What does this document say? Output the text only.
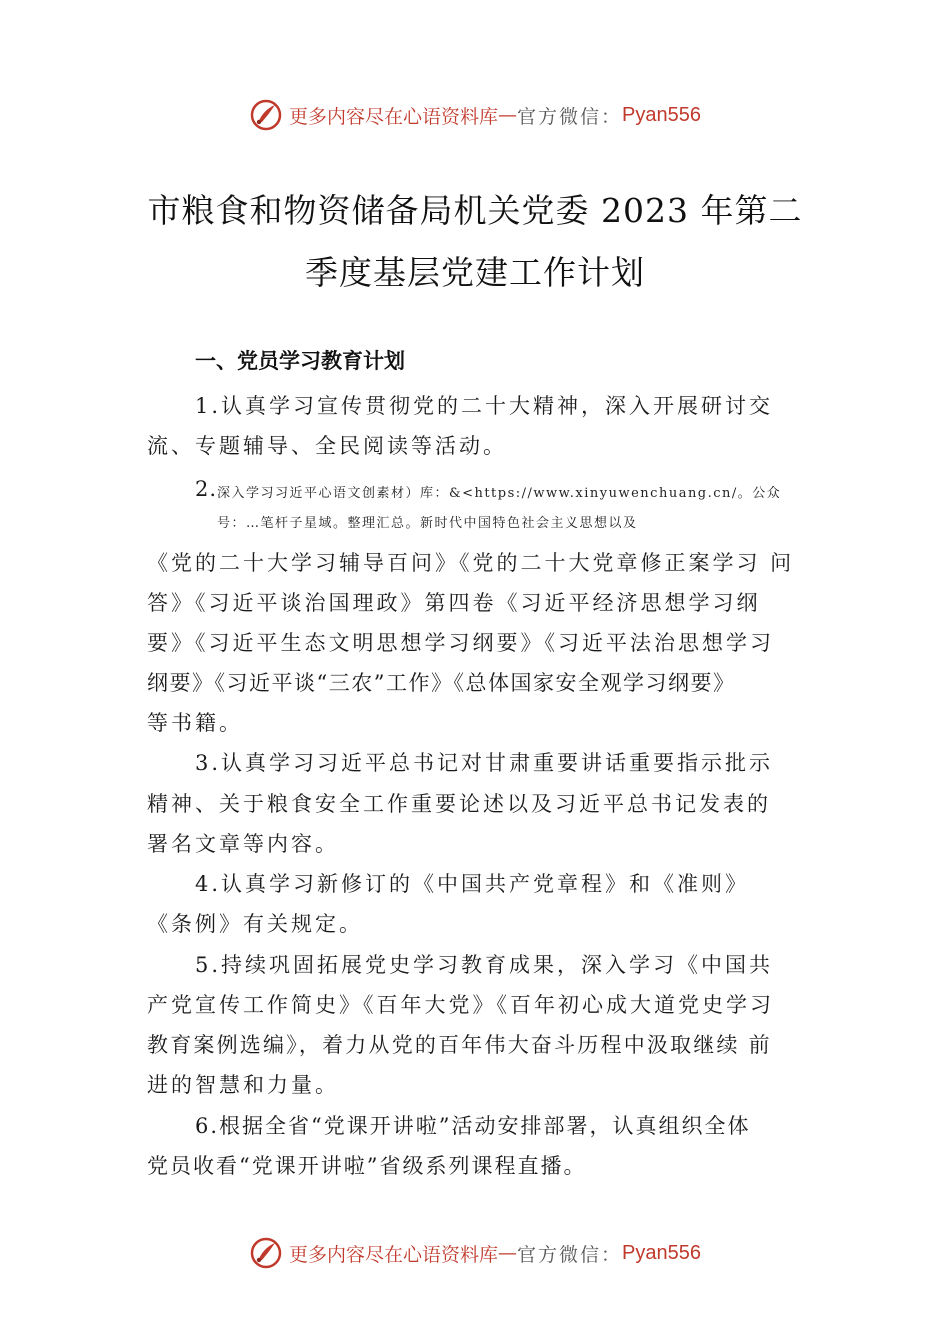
更多内容尽在心语资料库 — 官方微信： Pyan556
市粮食和物资储备局机关党委 2023 年第二
季度基层党建工作计划
一、党员学习教育计划
1.认真学习宣传贯彻党的二十大精神，深入开展研讨交
流、专题辅导、全民阅读等活动。
2. 深入学习习近平心语文创素材）库：&<https://www.xinyuwenchuang.cn/。公众
号：…笔杆子星域。整理汇总。新时代中国特色社会主义思想以及
《党的二十大学习辅导百问》《党的二十大党章修正案学习 问
答》《习近平谈治国理政》第四卷《习近平经济思想学习纲
要》《习近平生态文明思想学习纲要》《习近平法治思想学习
纲要》《习近平谈“三农”工作》《总体国家安全观学习纲要》
等书籍。
3.认真学习习近平总书记对甘肃重要讲话重要指示批示
精神、关于粮食安全工作重要论述以及习近平总书记发表的
署名文章等内容。
4.认真学习新修订的《中国共产党章程》和《准则》
《条例》有关规定。
5.持续巩固拓展党史学习教育成果，深入学习《中国共
产党宣传工作简史》《百年大党》《百年初心成大道党史学习
教育案例选编》，着力从党的百年伟大奋斗历程中汲取继续 前
进的智慧和力量。
6.根据全省“党课开讲啦”活动安排部署，认真组织全体
党员收看“党课开讲啦”省级系列课程直播。
更多内容尽在心语资料库 — 官方微信： Pyan556
